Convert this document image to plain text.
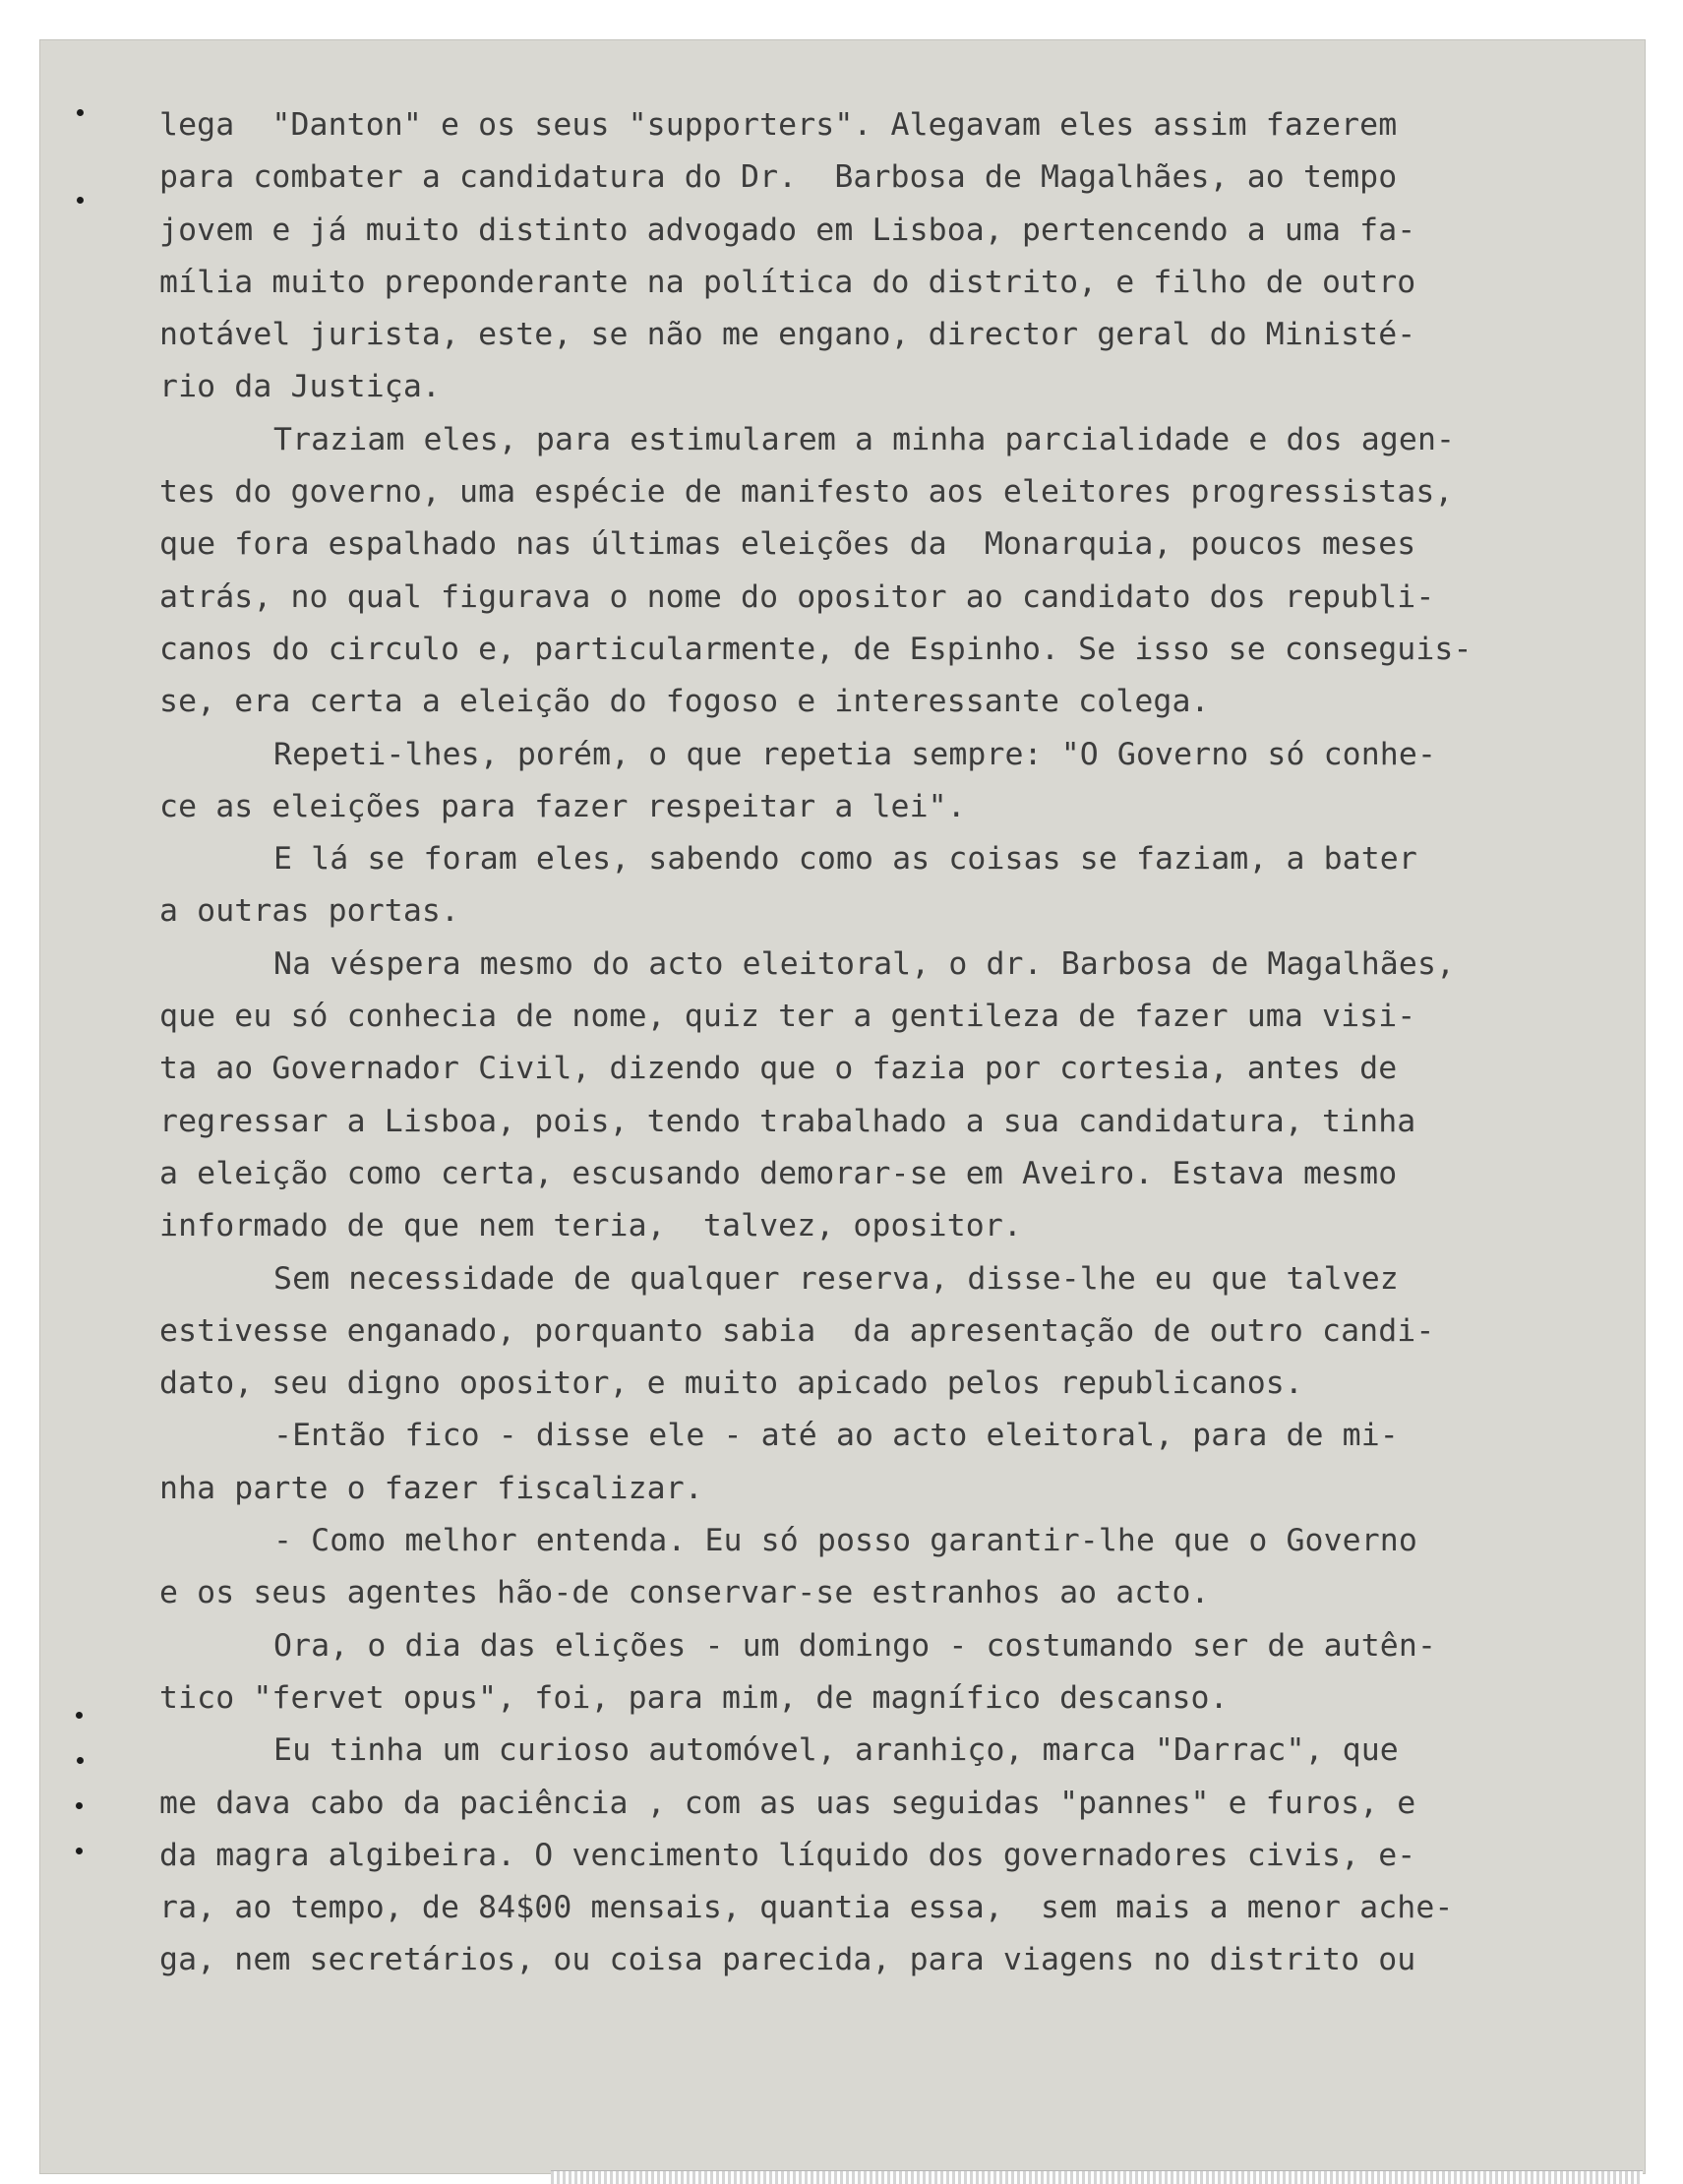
lega  "Danton" e os seus "supporters". Alegavam eles assim fazerem
para combater a candidatura do Dr.  Barbosa de Magalhães, ao tempo
jovem e já muito distinto advogado em Lisboa, pertencendo a uma fa-
mília muito preponderante na política do distrito, e filho de outro
notável jurista, este, se não me engano, director geral do Ministé-
rio da Justiça.
Traziam eles, para estimularem a minha parcialidade e dos agen-
tes do governo, uma espécie de manifesto aos eleitores progressistas,
que fora espalhado nas últimas eleições da  Monarquia, poucos meses
atrás, no qual figurava o nome do opositor ao candidato dos republi-
canos do circulo e, particularmente, de Espinho. Se isso se conseguis-
se, era certa a eleição do fogoso e interessante colega.
Repeti-lhes, porém, o que repetia sempre: "O Governo só conhe-
ce as eleições para fazer respeitar a lei".
E lá se foram eles, sabendo como as coisas se faziam, a bater
a outras portas.
Na véspera mesmo do acto eleitoral, o dr. Barbosa de Magalhães,
que eu só conhecia de nome, quiz ter a gentileza de fazer uma visi-
ta ao Governador Civil, dizendo que o fazia por cortesia, antes de
regressar a Lisboa, pois, tendo trabalhado a sua candidatura, tinha
a eleição como certa, escusando demorar-se em Aveiro. Estava mesmo
informado de que nem teria,  talvez, opositor.
Sem necessidade de qualquer reserva, disse-lhe eu que talvez
estivesse enganado, porquanto sabia  da apresentação de outro candi-
dato, seu digno opositor, e muito apicado pelos republicanos.
-Então fico - disse ele - até ao acto eleitoral, para de mi-
nha parte o fazer fiscalizar.
- Como melhor entenda. Eu só posso garantir-lhe que o Governo
e os seus agentes hão-de conservar-se estranhos ao acto.
Ora, o dia das elições - um domingo - costumando ser de autên-
tico "fervet opus", foi, para mim, de magnífico descanso.
Eu tinha um curioso automóvel, aranhiço, marca "Darrac", que
me dava cabo da paciência , com as uas seguidas "pannes" e furos, e
da magra algibeira. O vencimento líquido dos governadores civis, e-
ra, ao tempo, de 84$00 mensais, quantia essa,  sem mais a menor ache-
ga, nem secretários, ou coisa parecida, para viagens no distrito ou
